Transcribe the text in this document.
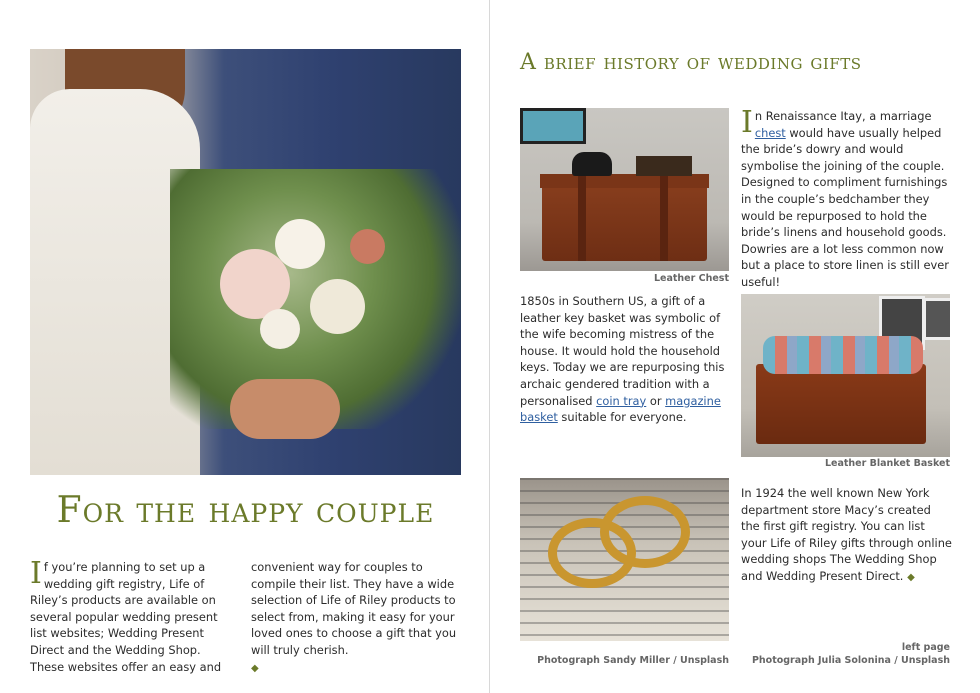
For the happy couple

If you’re planning to set up a wedding gift registry, Life of Riley’s products are available on several popular wedding present list websites; Wedding Present Direct and the Wedding Shop. These websites offer an easy and

convenient way for couples to compile their list. They have a wide selection of Life of Riley products to select from, making it easy for your loved ones to choose a gift that you will truly cherish.
◆

A brief history of wedding gifts
Leather Chest

In Renaissance Itay, a marriage chest would have usually helped the bride’s dowry and would symbolise the joining of the couple. Designed to compliment furnishings in the couple’s bedchamber they would be repurposed to hold the bride’s linens and household goods. Dowries are a lot less common now but a place to store linen is still ever useful!

1850s in Southern US, a gift of a leather key basket was symbolic of the wife becoming mistress of the house. It would hold the household keys. Today we are repurposing this archaic gendered tradition with a personalised coin tray or magazine basket suitable for everyone.

Leather Blanket Basket

In 1924 the well known New York department store Macy’s created the first gift registry. You can list your Life of Riley gifts through online wedding shops The Wedding Shop and Wedding Present Direct. ◆

left page
Photograph Sandy Miller / Unsplash	Photograph Julia Solonina / Unsplash
